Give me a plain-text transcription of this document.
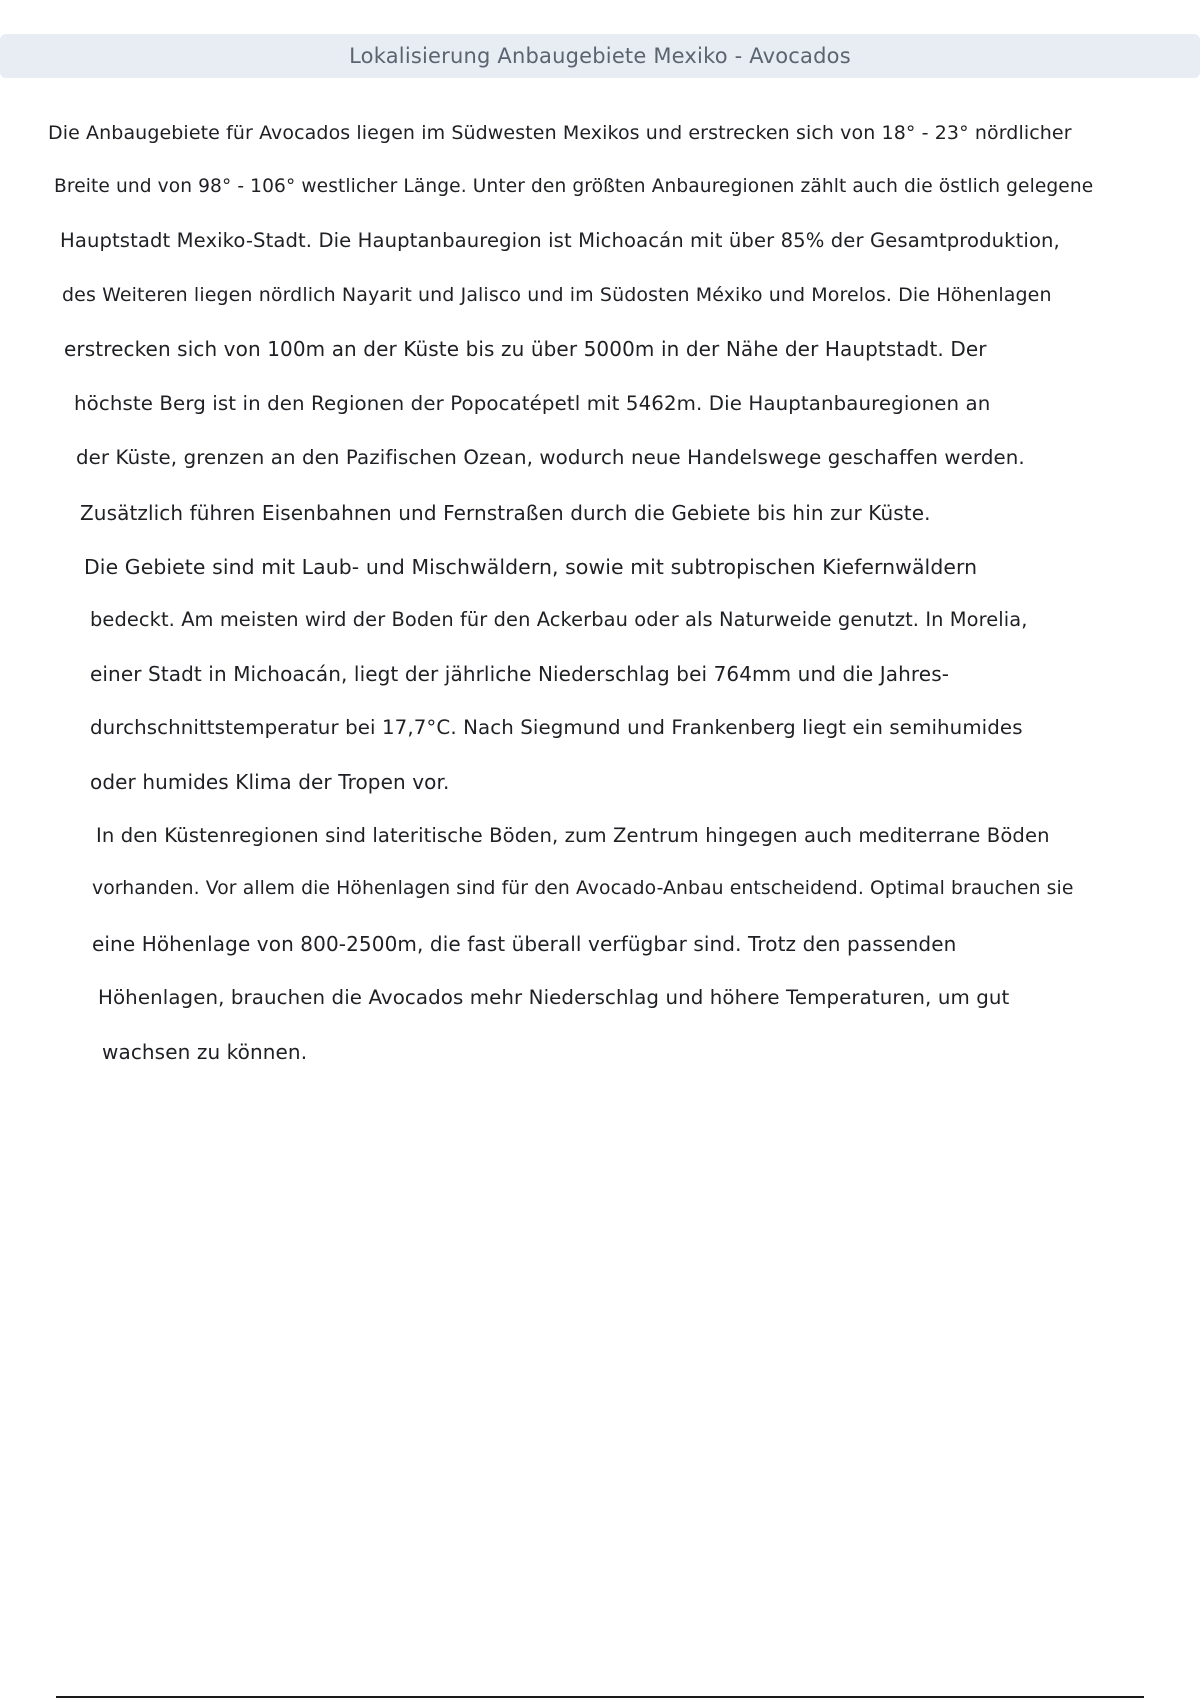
Lokalisierung Anbaugebiete Mexiko - Avocados
Die Anbaugebiete für Avocados liegen im Südwesten Mexikos und erstrecken sich von 18° - 23° nördlicher
Breite und von 98° - 106° westlicher Länge. Unter den größten Anbauregionen zählt auch die östlich gelegene
Hauptstadt Mexiko-Stadt. Die Hauptanbauregion ist Michoacán mit über 85% der Gesamtproduktion,
des Weiteren liegen nördlich Nayarit und Jalisco und im Südosten Méxiko und Morelos. Die Höhenlagen
erstrecken sich von 100m an der Küste bis zu über 5000m in der Nähe der Hauptstadt. Der
höchste Berg ist in den Regionen der Popocatépetl mit 5462m. Die Hauptanbauregionen an
der Küste, grenzen an den Pazifischen Ozean, wodurch neue Handelswege geschaffen werden.
Zusätzlich führen Eisenbahnen und Fernstraßen durch die Gebiete bis hin zur Küste.
Die Gebiete sind mit Laub- und Mischwäldern, sowie mit subtropischen Kiefernwäldern
bedeckt. Am meisten wird der Boden für den Ackerbau oder als Naturweide genutzt. In Morelia,
einer Stadt in Michoacán, liegt der jährliche Niederschlag bei 764mm und die Jahres-
durchschnittstemperatur bei 17,7°C. Nach Siegmund und Frankenberg liegt ein semihumides
oder humides Klima der Tropen vor.
In den Küstenregionen sind lateritische Böden, zum Zentrum hingegen auch mediterrane Böden
vorhanden. Vor allem die Höhenlagen sind für den Avocado-Anbau entscheidend. Optimal brauchen sie
eine Höhenlage von 800-2500m, die fast überall verfügbar sind. Trotz den passenden
Höhenlagen, brauchen die Avocados mehr Niederschlag und höhere Temperaturen, um gut
wachsen zu können.
